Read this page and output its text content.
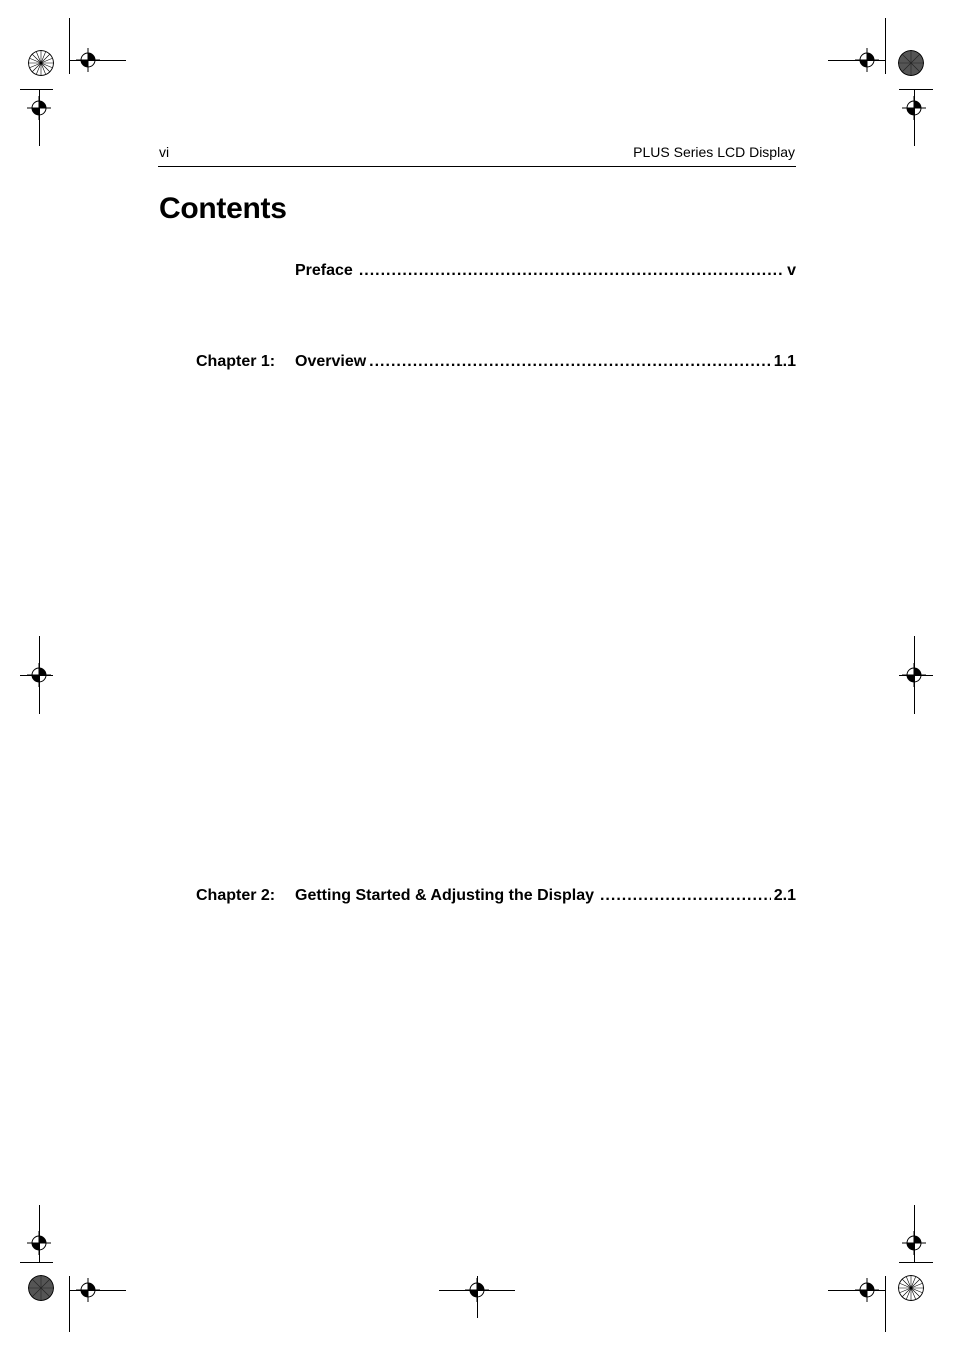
vi	PLUS Series LCD Display
Contents
Preface .....	v
Chapter 1: Overview .....	1.1
Chapter 2: Getting Started & Adjusting the Display .....	2.1
